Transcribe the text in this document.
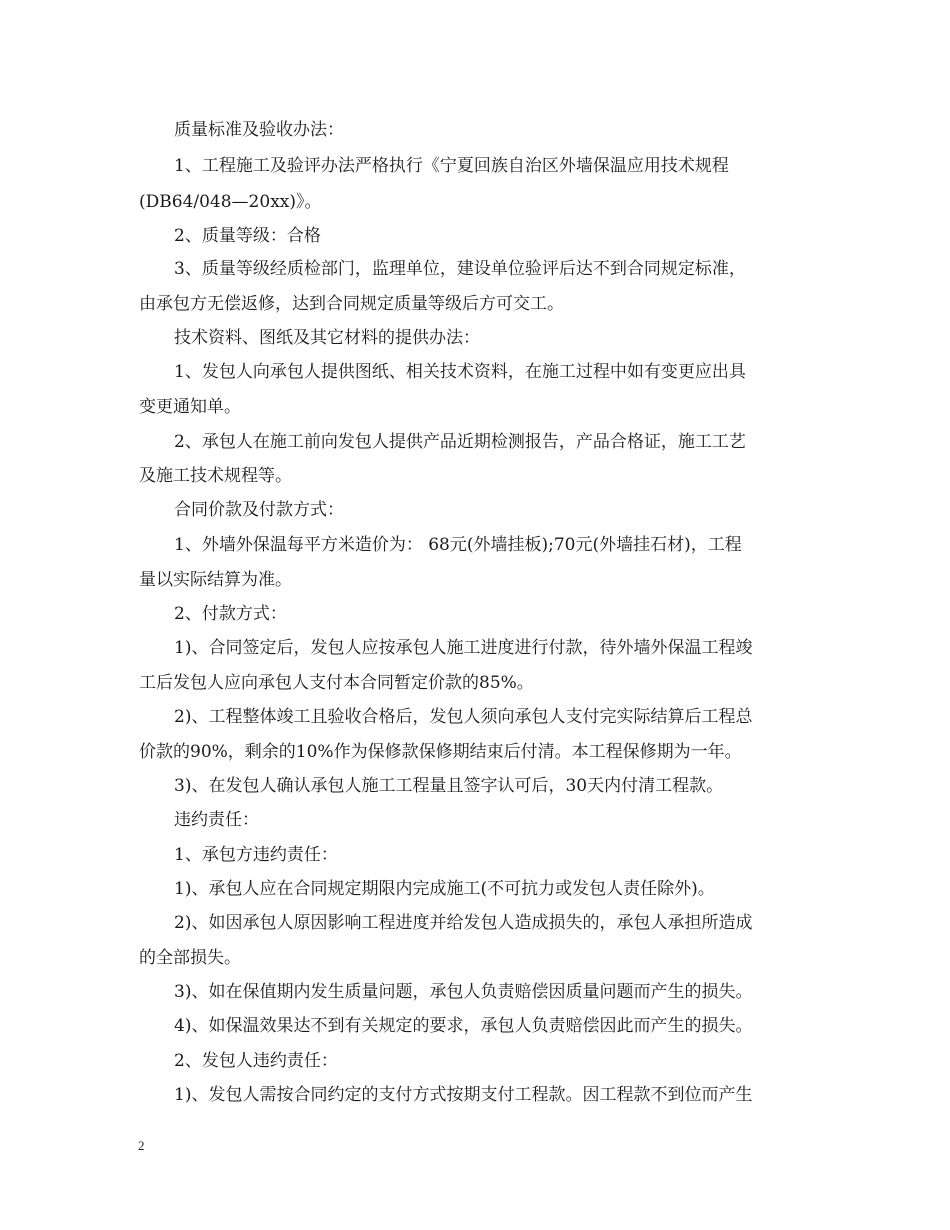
质量标准及验收办法：
1、工程施工及验评办法严格执行《宁夏回族自治区外墙保温应用技术规程
(DB64/048—20xx)》。
2、质量等级：合格
3、质量等级经质检部门，监理单位，建设单位验评后达不到合同规定标准，
由承包方无偿返修，达到合同规定质量等级后方可交工。
技术资料、图纸及其它材料的提供办法：
1、发包人向承包人提供图纸、相关技术资料，在施工过程中如有变更应出具
变更通知单。
2、承包人在施工前向发包人提供产品近期检测报告，产品合格证，施工工艺
及施工技术规程等。
合同价款及付款方式：
1、外墙外保温每平方米造价为： 68元(外墙挂板);70元(外墙挂石材)，工程
量以实际结算为准。
2、付款方式：
1)、合同签定后，发包人应按承包人施工进度进行付款，待外墙外保温工程竣
工后发包人应向承包人支付本合同暂定价款的85%。
2)、工程整体竣工且验收合格后，发包人须向承包人支付完实际结算后工程总
价款的90%，剩余的10%作为保修款保修期结束后付清。本工程保修期为一年。
3)、在发包人确认承包人施工工程量且签字认可后，30天内付清工程款。
违约责任：
1、承包方违约责任：
1)、承包人应在合同规定期限内完成施工(不可抗力或发包人责任除外)。
2)、如因承包人原因影响工程进度并给发包人造成损失的，承包人承担所造成
的全部损失。
3)、如在保值期内发生质量问题，承包人负责赔偿因质量问题而产生的损失。
4)、如保温效果达不到有关规定的要求，承包人负责赔偿因此而产生的损失。
2、发包人违约责任：
1)、发包人需按合同约定的支付方式按期支付工程款。因工程款不到位而产生
2
